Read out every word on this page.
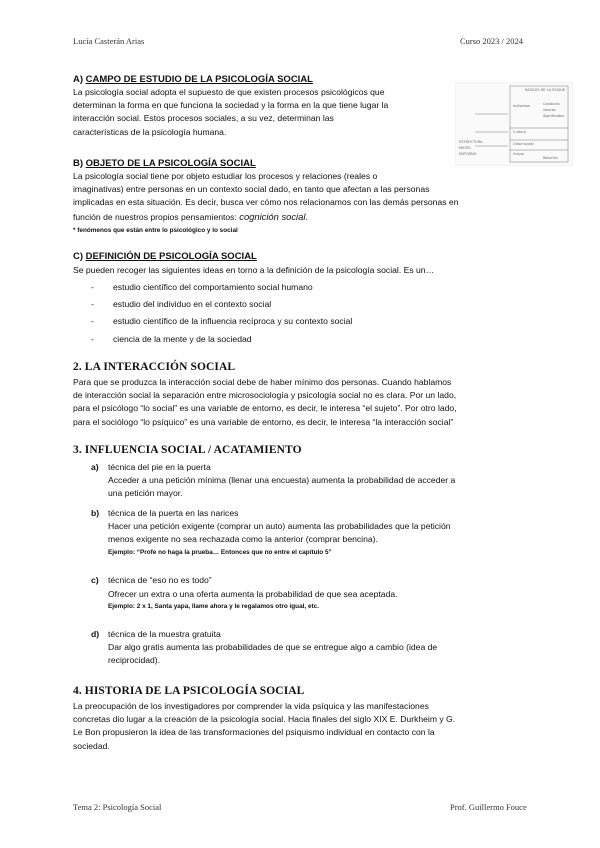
Lucía Casterán Arias	Curso 2023 / 2024
A) CAMPO DE ESTUDIO DE LA PSICOLOGÍA SOCIAL
La psicología social adopta el supuesto de que existen procesos psicológicos que
determinan la forma en que funciona la sociedad y la forma en la que tiene lugar la
interacción social. Estos procesos sociales, a su vez, determinan las
características de la psicología humana.
RASGOS DE LA PSIQUE
ESTRUCTURA
MICRO
ENTORNO
Individual
Cultura
Clase social
Grupo
Conducta
valores
Significados
Relación
B) OBJETO DE LA PSICOLOGÍA SOCIAL
La psicología social tiene por objeto estudiar los procesos y relaciones (reales o
imaginativas) entre personas en un contexto social dado, en tanto que afectan a las personas
implicadas en esta situación. Es decir, busca ver cómo nos relacionamos con las demás personas en
función de nuestros propios pensamientos: cognición social.
* fenómenos que están entre lo psicológico y lo social
C) DEFINICIÓN DE PSICOLOGÍA SOCIAL
Se pueden recoger las siguientes ideas en torno a la definición de la psicología social. Es un…
- estudio científico del comportamiento social humano
- estudio del individuo en el contexto social
- estudio científico de la influencia recíproca y su contexto social
- ciencia de la mente y de la sociedad
2. LA INTERACCIÓN SOCIAL
Para que se produzca la interacción social debe de haber mínimo dos personas. Cuando hablamos
de interacción social la separación entre microsociología y psicología social no es clara. Por un lado,
para el psicólogo “lo social” es una variable de entorno, es decir, le interesa “el sujeto”. Por otro lado,
para el sociólogo “lo psíquico” es una variable de entorno, es decir, le interesa “la interacción social”
3. INFLUENCIA SOCIAL / ACATAMIENTO
a) técnica del pie en la puerta
Acceder a una petición mínima (llenar una encuesta) aumenta la probabilidad de acceder a
una petición mayor.
b) técnica de la puerta en las narices
Hacer una petición exigente (comprar un auto) aumenta las probabilidades que la petición
menos exigente no sea rechazada como la anterior (comprar bencina).
Ejemplo: “Profe no haga la prueba… Entonces que no entre el capítulo 5”
c) técnica de “eso no es todo”
Ofrecer un extra o una oferta aumenta la probabilidad de que sea aceptada.
Ejemplo: 2 x 1, Santa yapa, llame ahora y le regalamos otro igual, etc.
d) técnica de la muestra gratuita
Dar algo gratis aumenta las probabilidades de que se entregue algo a cambio (idea de
reciprocidad).
4. HISTORIA DE LA PSICOLOGÍA SOCIAL
La preocupación de los investigadores por comprender la vida psíquica y las manifestaciones
concretas dio lugar a la creación de la psicología social. Hacia finales del siglo XIX E. Durkheim y G.
Le Bon propusieron la idea de las transformaciones del psiquismo individual en contacto con la
sociedad.
Tema 2: Psicología Social	Prof. Guillermo Fouce
